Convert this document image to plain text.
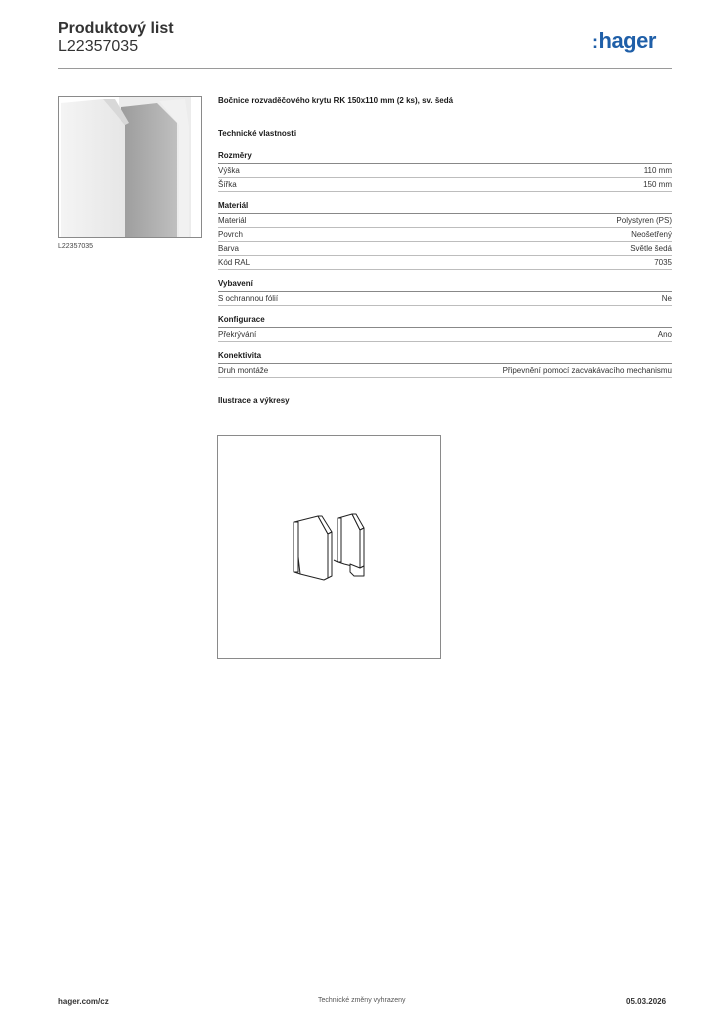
Produktový list
L22357035	:hager
L22357035

Bočnice rozvaděčového krytu RK 150x110 mm (2 ks), sv. šedá

Technické vlastnosti

Rozměry
Výška	110 mm
Šířka	150 mm
Materiál
Materiál	Polystyren (PS)
Povrch	Neošetřený
Barva	Světle šedá
Kód RAL	7035
Vybavení
S ochrannou fólií	Ne
Konfigurace
Překrývání	Ano
Konektivita
Druh montáže	Připevnění pomocí zacvakávacího mechanismu

Ilustrace a výkresy

hager.com/cz	Technické změny vyhrazeny	05.03.2026
